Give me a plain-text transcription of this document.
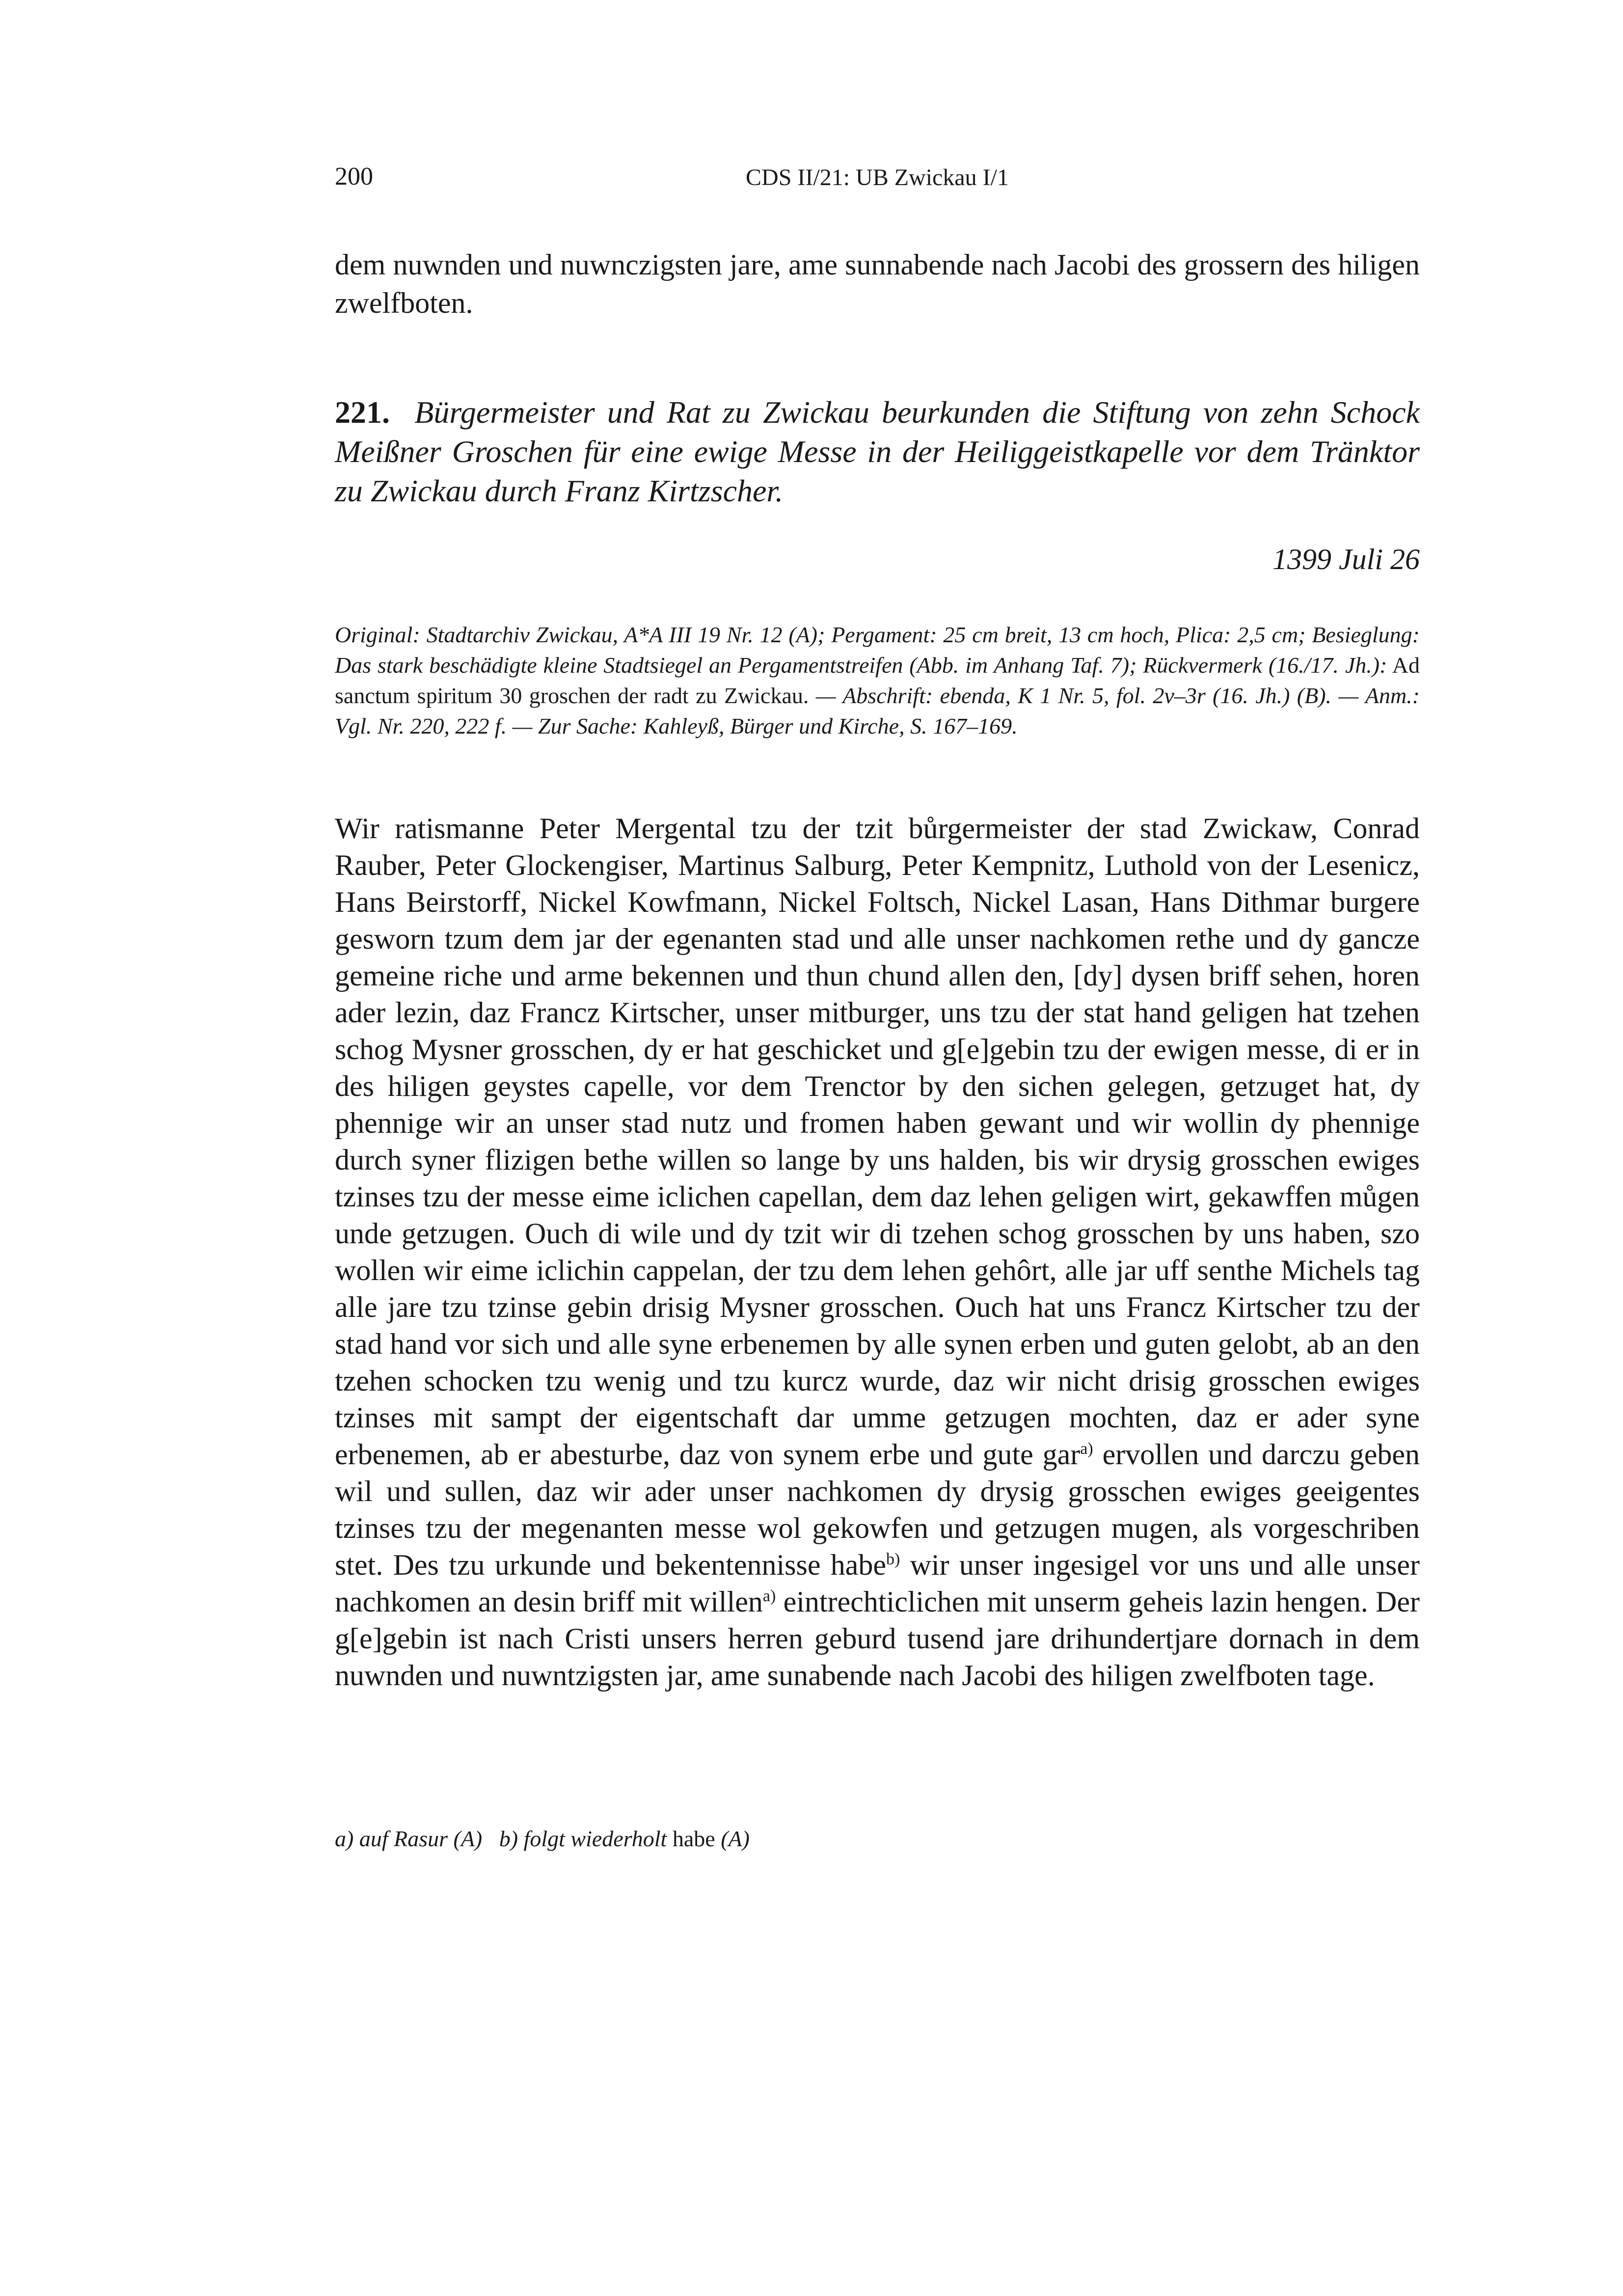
200	CDS II/21: UB Zwickau I/1

dem nuwnden und nuwnczigsten jare, ame sunnabende nach Jacobi des grossern des hiligen zwelfboten.

221. Bürgermeister und Rat zu Zwickau beurkunden die Stiftung von zehn Schock Meißner Groschen für eine ewige Messe in der Heiliggeistkapelle vor dem Tränktor zu Zwickau durch Franz Kirtzscher.

1399 Juli 26

Original: Stadtarchiv Zwickau, A*A III 19 Nr. 12 (A); Pergament: 25 cm breit, 13 cm hoch, Plica: 2,5 cm; Besieglung: Das stark beschädigte kleine Stadtsiegel an Pergamentstreifen (Abb. im Anhang Taf. 7); Rückvermerk (16./17. Jh.): Ad sanctum spiritum 30 groschen der radt zu Zwickau. — Abschrift: ebenda, K 1 Nr. 5, fol. 2v–3r (16. Jh.) (B). — Anm.: Vgl. Nr. 220, 222 f. — Zur Sache: Kahleyß, Bürger und Kirche, S. 167–169.

Wir ratismanne Peter Mergental tzu der tzit bůrgermeister der stad Zwickaw, Conrad Rauber, Peter Glockengiser, Martinus Salburg, Peter Kempnitz, Luthold von der Lesenicz, Hans Beirstorff, Nickel Kowfmann, Nickel Foltsch, Nickel Lasan, Hans Dithmar burgere gesworn tzum dem jar der egenanten stad und alle unser nachkomen rethe und dy gancze gemeine riche und arme bekennen und thun chund allen den, [dy] dysen briff sehen, horen ader lezin, daz Francz Kirtscher, unser mitburger, uns tzu der stat hand geligen hat tzehen schog Mysner grosschen, dy er hat geschicket und g[e]gebin tzu der ewigen messe, di er in des hiligen geystes capelle, vor dem Trenctor by den sichen gelegen, getzuget hat, dy phennige wir an unser stad nutz und fromen haben gewant und wir wollin dy phennige durch syner flizigen bethe willen so lange by uns halden, bis wir drysig grosschen ewiges tzinses tzu der messe eime iclichen capellan, dem daz lehen geligen wirt, gekawffen můgen unde getzugen. Ouch di wile und dy tzit wir di tzehen schog grosschen by uns haben, szo wollen wir eime iclichin cappelan, der tzu dem lehen gehôrt, alle jar uff senthe Michels tag alle jare tzu tzinse gebin drisig Mysner grosschen. Ouch hat uns Francz Kirtscher tzu der stad hand vor sich und alle syne erbenemen by alle synen erben und guten gelobt, ab an den tzehen schocken tzu wenig und tzu kurcz wurde, daz wir nicht drisig grosschen ewiges tzinses mit sampt der eigentschaft dar umme getzugen mochten, daz er ader syne erbenemen, ab er abesturbe, daz von synem erbe und gute gar$^{a)}$ ervollen und darczu geben wil und sullen, daz wir ader unser nachkomen dy drysig grosschen ewiges geeigentes tzinses tzu der megenanten messe wol gekowfen und getzugen mugen, als vorgeschriben stet. Des tzu urkunde und bekentennisse habe$^{b)}$ wir unser ingesigel vor uns und alle unser nachkomen an desin briff mit willen$^{a)}$ eintrechticlichen mit unserm geheis lazin hengen. Der g[e]gebin ist nach Cristi unsers herren geburd tusend jare drihundertjare dornach in dem nuwnden und nuwntzigsten jar, ame sunabende nach Jacobi des hiligen zwelfboten tage.

a) auf Rasur (A) b) folgt wiederholt habe (A)
